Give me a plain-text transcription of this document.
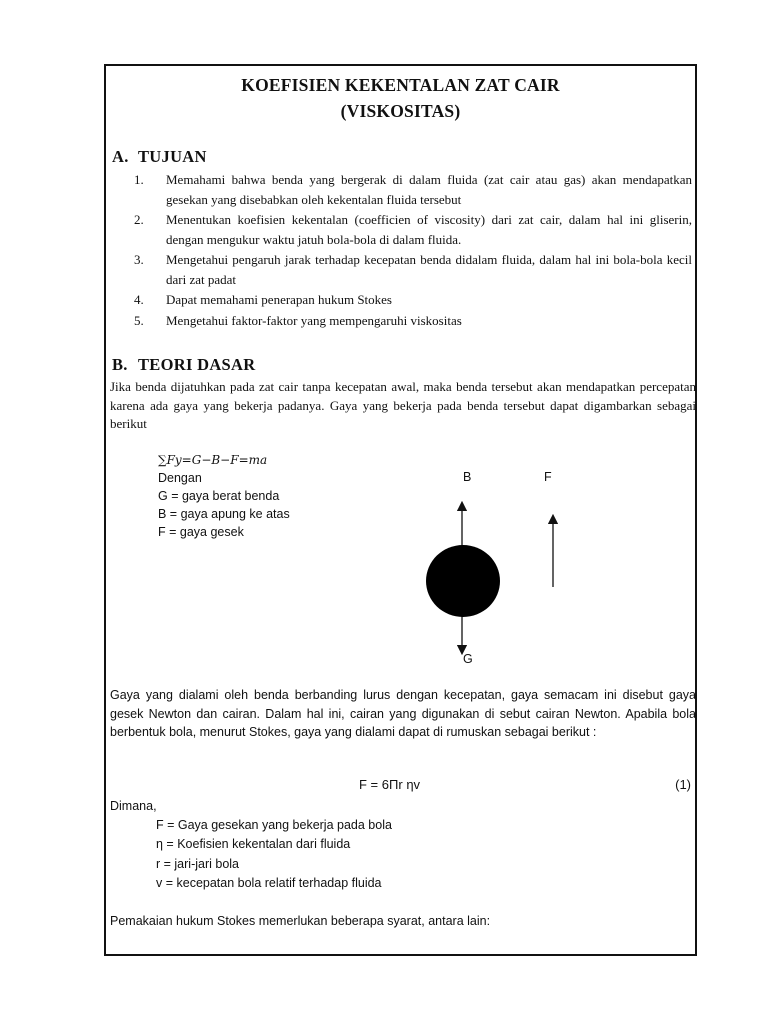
KOEFISIEN KEKENTALAN ZAT CAIR
(VISKOSITAS)
A. TUJUAN
1. Memahami bahwa benda yang bergerak di dalam fluida (zat cair atau gas) akan mendapatkan gesekan yang disebabkan oleh kekentalan fluida tersebut
2. Menentukan koefisien kekentalan (coefficien of viscosity) dari zat cair, dalam hal ini gliserin, dengan mengukur waktu jatuh bola-bola di dalam fluida.
3. Mengetahui pengaruh jarak terhadap kecepatan benda didalam fluida, dalam hal ini bola-bola kecil dari zat padat
4. Dapat memahami penerapan hukum Stokes
5. Mengetahui faktor-faktor yang mempengaruhi viskositas
B. TEORI DASAR
Jika benda dijatuhkan pada zat cair tanpa kecepatan awal, maka benda tersebut akan mendapatkan percepatan karena ada gaya yang bekerja padanya. Gaya yang bekerja pada benda tersebut dapat digambarkan sebagai berikut
∑Fy=G−B−F=ma
Dengan
G = gaya berat benda
B = gaya apung ke atas
F = gaya gesek
B	F
G
Gaya yang dialami oleh benda berbanding lurus dengan kecepatan, gaya semacam ini disebut gaya gesek Newton dan cairan. Dalam hal ini, cairan yang digunakan di sebut cairan Newton. Apabila bola berbentuk bola, menurut Stokes, gaya yang dialami dapat di rumuskan sebagai berikut :
F = 6Πr ηv	(1)
Dimana,
F = Gaya gesekan yang bekerja pada bola
η = Koefisien kekentalan dari fluida
r = jari-jari bola
v = kecepatan bola relatif terhadap fluida
Pemakaian hukum Stokes memerlukan beberapa syarat, antara lain:
